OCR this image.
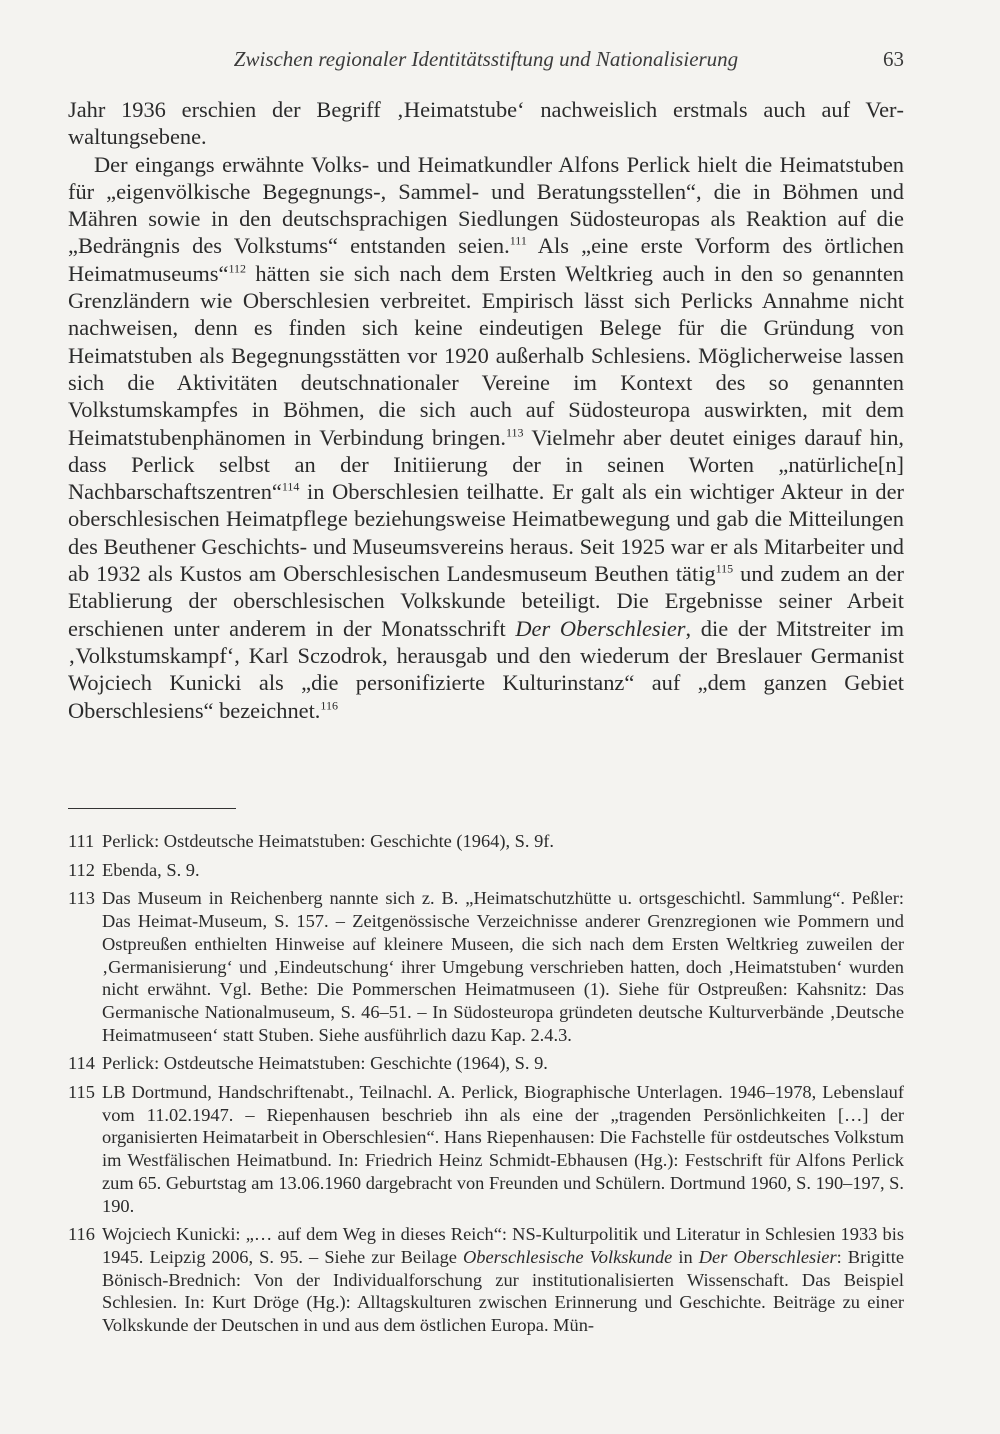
Zwischen regionaler Identitätsstiftung und Nationalisierung	63

Jahr 1936 erschien der Begriff ‚Heimatstube‘ nachweislich erstmals auch auf Verwaltungsebene.

Der eingangs erwähnte Volks- und Heimatkundler Alfons Perlick hielt die Heimatstuben für „eigenvölkische Begegnungs-, Sammel- und Beratungsstellen“, die in Böhmen und Mähren sowie in den deutschsprachigen Siedlungen Südosteuropas als Reaktion auf die „Bedrängnis des Volkstums“ entstanden seien.$^{111}$ Als „eine erste Vorform des örtlichen Heimatmuseums“$^{112}$ hätten sie sich nach dem Ersten Weltkrieg auch in den so genannten Grenzländern wie Oberschlesien verbreitet. Empirisch lässt sich Perlicks Annahme nicht nachweisen, denn es finden sich keine eindeutigen Belege für die Gründung von Heimatstuben als Begegnungsstätten vor 1920 außerhalb Schlesiens. Möglicherweise lassen sich die Aktivitäten deutschnationaler Vereine im Kontext des so genannten Volkstumskampfes in Böhmen, die sich auch auf Südosteuropa auswirkten, mit dem Heimatstubenphänomen in Verbindung bringen.$^{113}$ Vielmehr aber deutet einiges darauf hin, dass Perlick selbst an der Initiierung der in seinen Worten „natürliche[n] Nachbarschaftszentren“$^{114}$ in Oberschlesien teilhatte. Er galt als ein wichtiger Akteur in der oberschlesischen Heimatpflege beziehungsweise Heimatbewegung und gab die Mitteilungen des Beuthener Geschichts- und Museumsvereins heraus. Seit 1925 war er als Mitarbeiter und ab 1932 als Kustos am Oberschlesischen Landesmuseum Beuthen tätig$^{115}$ und zudem an der Etablierung der oberschlesischen Volkskunde beteiligt. Die Ergebnisse seiner Arbeit erschienen unter anderem in der Monatsschrift Der Oberschlesier, die der Mitstreiter im ‚Volkstumskampf‘, Karl Sczodrok, herausgab und den wiederum der Breslauer Germanist Wojciech Kunicki als „die personifizierte Kulturinstanz“ auf „dem ganzen Gebiet Oberschlesiens“ bezeichnet.$^{116}$

111 Perlick: Ostdeutsche Heimatstuben: Geschichte (1964), S. 9f.
112 Ebenda, S. 9.
113 Das Museum in Reichenberg nannte sich z. B. „Heimatschutzhütte u. ortsgeschichtl. Sammlung“. Peßler: Das Heimat-Museum, S. 157. – Zeitgenössische Verzeichnisse anderer Grenzregionen wie Pommern und Ostpreußen enthielten Hinweise auf kleinere Museen, die sich nach dem Ersten Weltkrieg zuweilen der ‚Germanisierung‘ und ‚Eindeutschung‘ ihrer Umgebung verschrieben hatten, doch ‚Heimatstuben‘ wurden nicht erwähnt. Vgl. Bethe: Die Pommerschen Heimatmuseen (1). Siehe für Ostpreußen: Kahsnitz: Das Germanische Nationalmuseum, S. 46–51. – In Südosteuropa gründeten deutsche Kulturverbände ‚Deutsche Heimatmuseen‘ statt Stuben. Siehe ausführlich dazu Kap. 2.4.3.
114 Perlick: Ostdeutsche Heimatstuben: Geschichte (1964), S. 9.
115 LB Dortmund, Handschriftenabt., Teilnachl. A. Perlick, Biographische Unterlagen. 1946–1978, Lebenslauf vom 11.02.1947. – Riepenhausen beschrieb ihn als eine der „tragenden Persönlichkeiten […] der organisierten Heimatarbeit in Oberschlesien“. Hans Riepenhausen: Die Fachstelle für ostdeutsches Volkstum im Westfälischen Heimatbund. In: Friedrich Heinz Schmidt-Ebhausen (Hg.): Festschrift für Alfons Perlick zum 65. Geburtstag am 13.06.1960 dargebracht von Freunden und Schülern. Dortmund 1960, S. 190–197, S. 190.
116 Wojciech Kunicki: „… auf dem Weg in dieses Reich“: NS-Kulturpolitik und Literatur in Schlesien 1933 bis 1945. Leipzig 2006, S. 95. – Siehe zur Beilage Oberschlesische Volkskunde in Der Oberschlesier: Brigitte Bönisch-Brednich: Von der Individualforschung zur institutionalisierten Wissenschaft. Das Beispiel Schlesien. In: Kurt Dröge (Hg.): Alltagskulturen zwischen Erinnerung und Geschichte. Beiträge zu einer Volkskunde der Deutschen in und aus dem östlichen Europa. Mün-
